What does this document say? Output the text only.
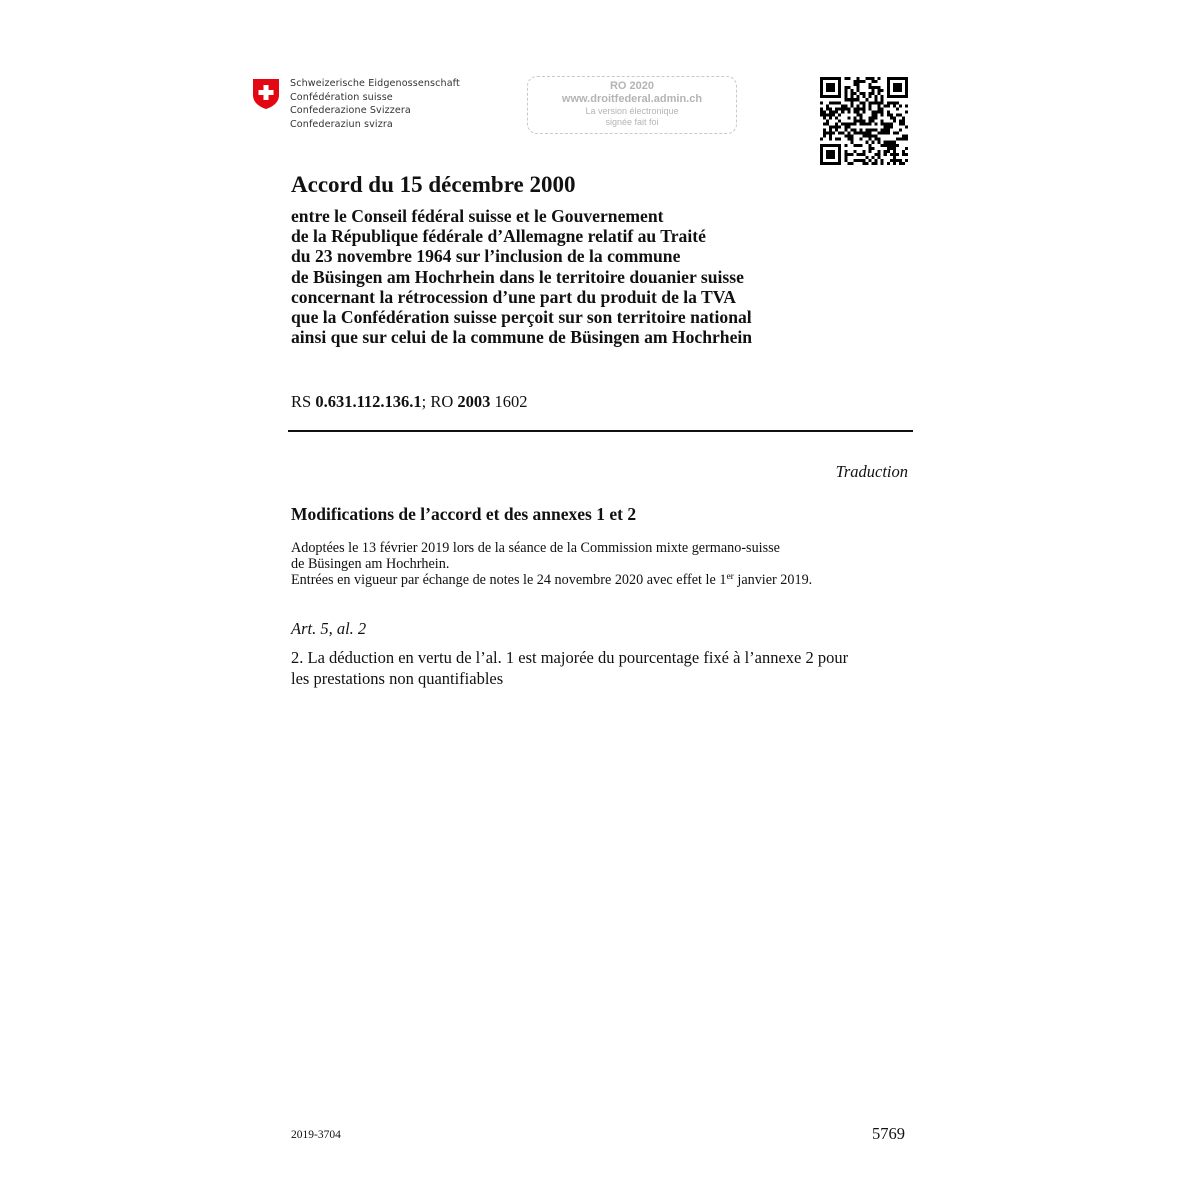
Schweizerische Eidgenossenschaft
Confédération suisse
Confederazione Svizzera
Confederaziun svizra
RO 2020
www.droitfederal.admin.ch
La version électronique
signée fait foi
Accord du 15 décembre 2000
entre le Conseil fédéral suisse et le Gouvernement
de la République fédérale d’Allemagne relatif au Traité
du 23 novembre 1964 sur l’inclusion de la commune
de Büsingen am Hochrhein dans le territoire douanier suisse
concernant la rétrocession d’une part du produit de la TVA
que la Confédération suisse perçoit sur son territoire national
ainsi que sur celui de la commune de Büsingen am Hochrhein
RS 0.631.112.136.1; RO 2003 1602
Traduction
Modifications de l’accord et des annexes 1 et 2
Adoptées le 13 février 2019 lors de la séance de la Commission mixte germano-suisse
de Büsingen am Hochrhein.
Entrées en vigueur par échange de notes le 24 novembre 2020 avec effet le 1er janvier 2019.
Art. 5, al. 2
2. La déduction en vertu de l’al. 1 est majorée du pourcentage fixé à l’annexe 2 pour
les prestations non quantifiables
2019-3704	5769
